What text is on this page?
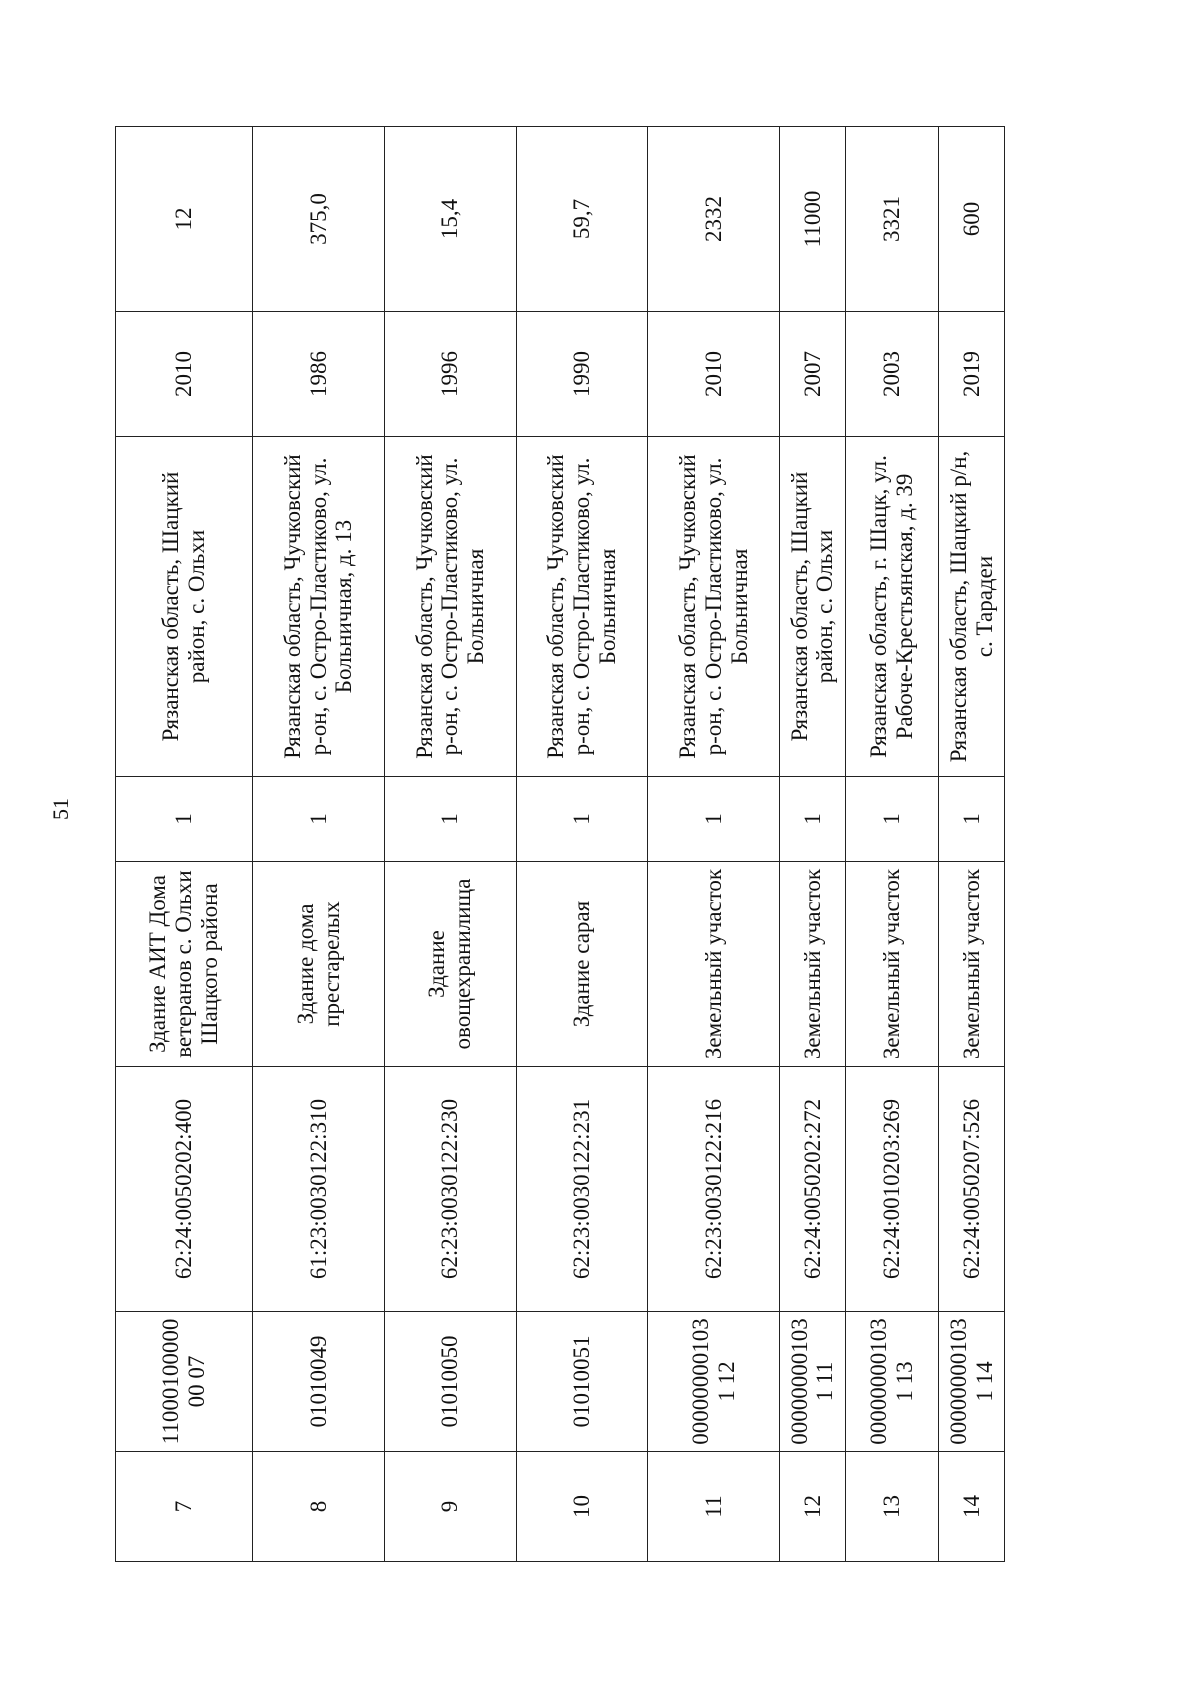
51
7	1100010000000 07	62:24:0050202:400	Здание АИТ Дома ветеранов с. Ольхи Шацкого района	1	Рязанская область, Шацкий район, с. Ольхи	2010	12
8	01010049	61:23:0030122:310	Здание дома престарелых	1	Рязанская область, Чучковский р-он, с. Остро-Пластиково, ул. Больничная, д. 13	1986	375,0
9	01010050	62:23:0030122:230	Здание овощехранилища	1	Рязанская область, Чучковский р-он, с. Остро-Пластиково, ул. Больничная	1996	15,4
10	01010051	62:23:0030122:231	Здание сарая	1	Рязанская область, Чучковский р-он, с. Остро-Пластиково, ул. Больничная	1990	59,7
11	000000001031 12	62:23:0030122:216	Земельный участок	1	Рязанская область, Чучковский р-он, с. Остро-Пластиково, ул. Больничная	2010	2332
12	000000001031 11	62:24:0050202:272	Земельный участок	1	Рязанская область, Шацкий район, с. Ольхи	2007	11000
13	000000001031 13	62:24:0010203:269	Земельный участок	1	Рязанская область, г. Шацк, ул. Рабоче-Крестьянская, д. 39	2003	3321
14	000000001031 14	62:24:0050207:526	Земельный участок	1	Рязанская область, Шацкий р/н, с. Тарадеи	2019	600
